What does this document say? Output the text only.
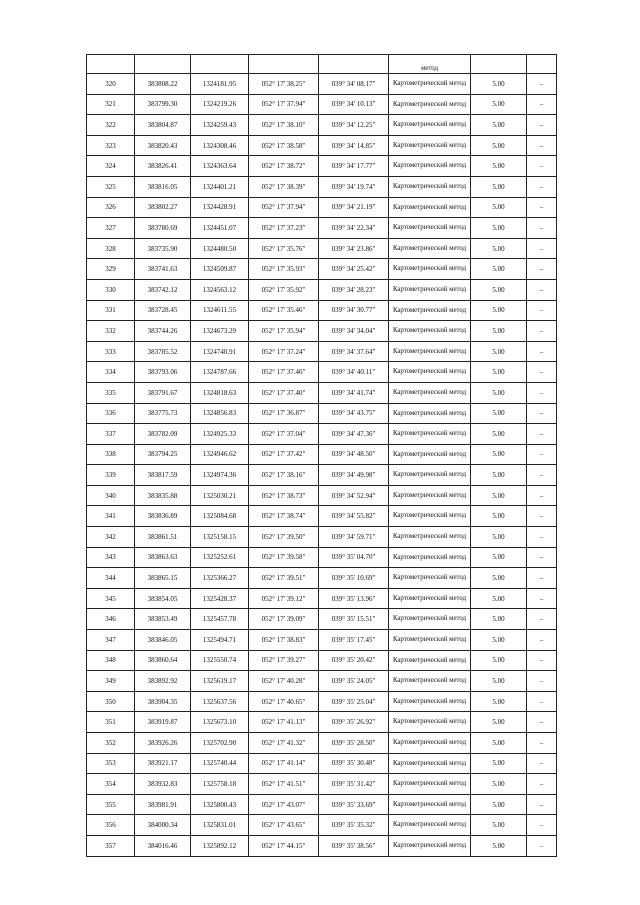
					метод		
320	383808.22	1324181.95	052° 17' 38.25"	039° 34' 08.17"	Картометрический метод	5.00	–
321	383799.30	1324219.26	052° 17' 37.94"	039° 34' 10.13"	Картометрический метод	5.00	–
322	383804.87	1324259.43	052° 17' 38.10"	039° 34' 12.25"	Картометрический метод	5.00	–
323	383820.43	1324308.46	052° 17' 38.58"	039° 34' 14.85"	Картометрический метод	5.00	–
324	383826.41	1324363.64	052° 17' 38.72"	039° 34' 17.77"	Картометрический метод	5.00	–
325	383816.05	1324401.21	052° 17' 38.39"	039° 34' 19.74"	Картометрический метод	5.00	–
326	383802.27	1324428.91	052° 17' 37.94"	039° 34' 21.19"	Картометрический метод	5.00	–
327	383780.69	1324451.07	052° 17' 37.23"	039° 34' 22.34"	Картометрический метод	5.00	–
328	383735.90	1324480.50	052° 17' 35.76"	039° 34' 23.86"	Картометрический метод	5.00	–
329	383741.63	1324509.87	052° 17' 35.93"	039° 34' 25.42"	Картометрический метод	5.00	–
330	383742.12	1324563.12	052° 17' 35.92"	039° 34' 28.23"	Картометрический метод	5.00	–
331	383728.45	1324611.55	052° 17' 35.46"	039° 34' 30.77"	Картометрический метод	5.00	–
332	383744.26	1324673.29	052° 17' 35.94"	039° 34' 34.04"	Картометрический метод	5.00	–
333	383785.52	1324740.91	052° 17' 37.24"	039° 34' 37.64"	Картометрический метод	5.00	–
334	383793.06	1324787.66	052° 17' 37.46"	039° 34' 40.11"	Картометрический метод	5.00	–
335	383791.67	1324818.63	052° 17' 37.40"	039° 34' 41.74"	Картометрический метод	5.00	–
336	383775.73	1324856.83	052° 17' 36.87"	039° 34' 43.75"	Картометрический метод	5.00	–
337	383782.09	1324925.33	052° 17' 37.04"	039° 34' 47.36"	Картометрический метод	5.00	–
338	383794.25	1324946.62	052° 17' 37.42"	039° 34' 48.50"	Картометрический метод	5.00	–
339	383817.59	1324974.36	052° 17' 38.16"	039° 34' 49.98"	Картометрический метод	5.00	–
340	383835.88	1325030.21	052° 17' 38.73"	039° 34' 52.94"	Картометрический метод	5.00	–
341	383836.89	1325084.68	052° 17' 38.74"	039° 34' 55.82"	Картометрический метод	5.00	–
342	383861.51	1325158.15	052° 17' 39.50"	039° 34' 59.71"	Картометрический метод	5.00	–
343	383863.63	1325252.61	052° 17' 39.58"	039° 35' 04.70"	Картометрический метод	5.00	–
344	383865.15	1325366.27	052° 17' 39.51"	039° 35' 10.69"	Картометрический метод	5.00	–
345	383854.05	1325428.37	052° 17' 39.12"	039° 35' 13.96"	Картометрический метод	5.00	–
346	383853.49	1325457.78	052° 17' 39.09"	039° 35' 15.51"	Картометрический метод	5.00	–
347	383846.05	1325494.71	052° 17' 38.83"	039° 35' 17.45"	Картометрический метод	5.00	–
348	383860.64	1325550.74	052° 17' 39.27"	039° 35' 20.42"	Картометрический метод	5.00	–
349	383892.92	1325619.17	052° 17' 40.28"	039° 35' 24.05"	Картометрический метод	5.00	–
350	383904.35	1325637.56	052° 17' 40.65"	039° 35' 25.04"	Картометрический метод	5.00	–
351	383919.87	1325673.10	052° 17' 41.13"	039° 35' 26.92"	Картометрический метод	5.00	–
352	383926.26	1325702.90	052° 17' 41.32"	039° 35' 28.50"	Картометрический метод	5.00	–
353	383921.17	1325740.44	052° 17' 41.14"	039° 35' 30.48"	Картометрический метод	5.00	–
354	383932.83	1325758.18	052° 17' 41.51"	039° 35' 31.42"	Картометрический метод	5.00	–
355	383981.91	1325800.43	052° 17' 43.07"	039° 35' 33.69"	Картометрический метод	5.00	–
356	384000.34	1325831.01	052° 17' 43.65"	039° 35' 35.32"	Картометрический метод	5.00	–
357	384016.46	1325892.12	052° 17' 44.15"	039° 35' 38.56"	Картометрический метод	5.00	–
